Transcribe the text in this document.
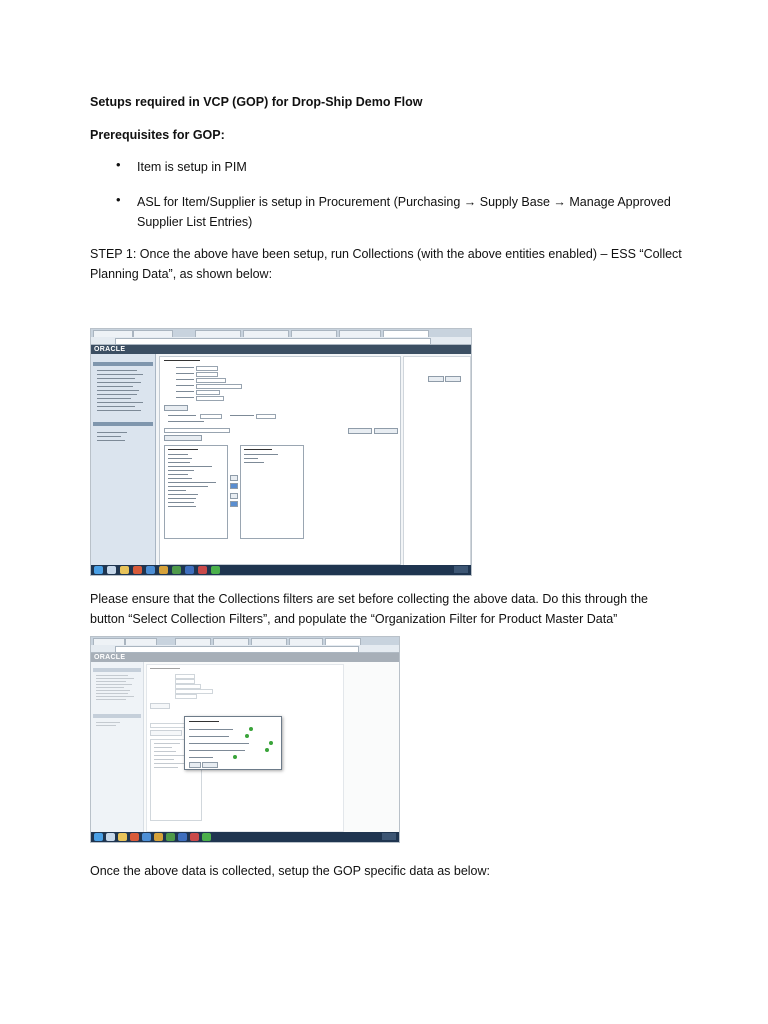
Setups required in VCP (GOP) for Drop-Ship Demo Flow
Prerequisites for GOP:
• Item is setup in PIM
• ASL for Item/Supplier is setup in Procurement (Purchasing → Supply Base → Manage Approved
Supplier List Entries)
STEP 1: Once the above have been setup, run Collections (with the above entities enabled) – ESS “Collect
Planning Data”, as shown below:
ORACLE
Please ensure that the Collections filters are set before collecting the above data. Do this through the
button “Select Collection Filters”, and populate the “Organization Filter for Product Master Data”
Once the above data is collected, setup the GOP specific data as below:
